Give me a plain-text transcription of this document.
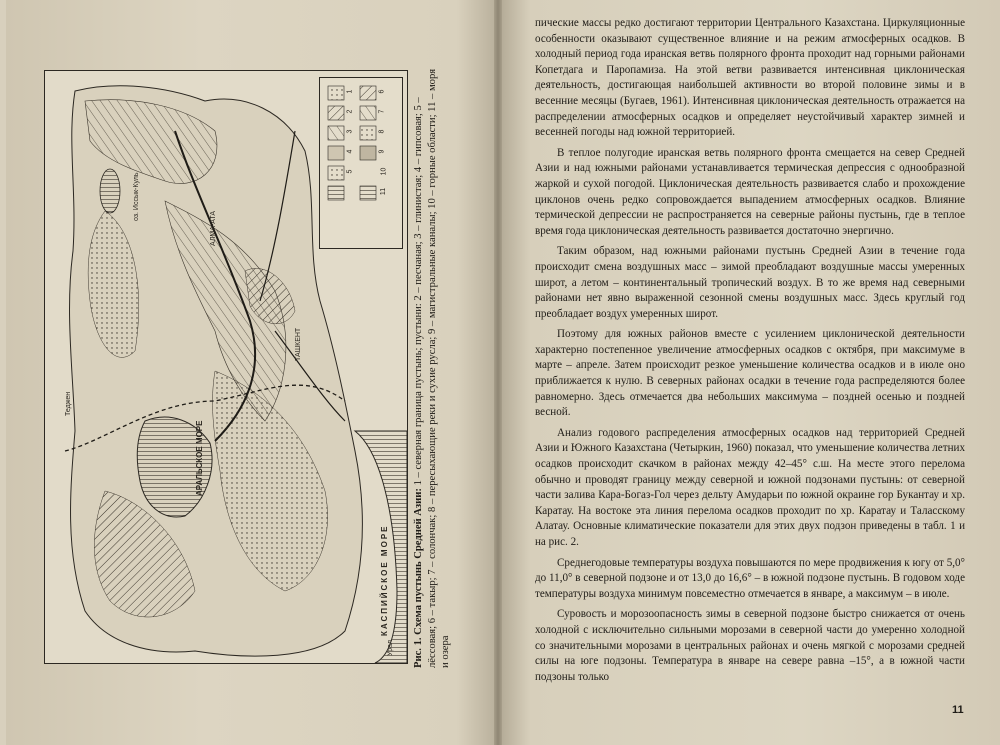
1
2
3
4
5
6
7
8
9
10
11
АРАЛЬСКОЕ МОРЕ
КАСПИЙСКОЕ МОРЕ
АЛМА-АТА
оз. Иссык-Куль
ТАШКЕНТ
Теджен
Урал Рис. 1. Схема пустынь Средней Азии: 1 – северная граница пустынь; пустыни: 2 – песчаная; 3 – глинистая; 4 – гипсовая; 5 – лёссовая; 6 – такыр; 7 – солончак; 8 – пересыхающие реки и сухие русла; 9 – магистральные каналы; 10 – горные области; 11 – моря и озера

пические массы редко достигают территории Центрального Казахстана. Циркуляционные особенности оказывают существенное влияние и на режим атмосферных осадков. В холодный период года иранская ветвь полярного фронта проходит над горными районами Копетдага и Паропамиза. На этой ветви развивается интенсивная циклоническая деятельность, достигающая наибольшей активности во второй половине зимы и в весенние месяцы (Бугаев, 1961). Интенсивная циклоническая деятельность отражается на распределении атмосферных осадков и определяет неустойчивый характер зимней и весенней погоды над южной территорией.

В теплое полугодие иранская ветвь полярного фронта смещается на север Средней Азии и над южными районами устанавливается термическая депрессия с однообразной жаркой и сухой погодой. Циклоническая деятельность развивается слабо и прохождение циклонов очень редко сопровождается выпадением атмосферных осадков. Влияние термической депрессии не распространяется на северные районы пустынь, где в теплое время года циклоническая деятельность развивается достаточно энергично.

Таким образом, над южными районами пустынь Средней Азии в течение года происходит смена воздушных масс – зимой преобладают воздушные массы умеренных широт, а летом – континентальный тропический воздух. В то же время над северными районами нет явно выраженной сезонной смены воздушных масс. Здесь круглый год преобладает воздух умеренных широт.

Поэтому для южных районов вместе с усилением циклонической деятельности характерно постепенное увеличение атмосферных осадков с октября, при максимуме в марте – апреле. Затем происходит резкое уменьшение количества осадков и в июле оно приближается к нулю. В северных районах осадки в течение года распределяются более равномерно. Здесь отмечается два небольших максимума – поздней осенью и поздней весной.

Анализ годового распределения атмосферных осадков над территорией Средней Азии и Южного Казахстана (Четыркин, 1960) показал, что уменьшение количества летних осадков происходит скачком в районах между 42–45° с.ш. На месте этого перелома обычно и проводят границу между северной и южной подзонами пустынь: от северной части залива Кара-Богаз-Гол через дельту Амударьи по южной окраине гор Букантау и хр. Каратау. На востоке эта линия перелома осадков проходит по хр. Каратау и Таласскому Алатау. Основные климатические показатели для этих двух подзон приведены в табл. 1 и на рис. 2.

Среднегодовые температуры воздуха повышаются по мере продвижения к югу от 5,0° до 11,0° в северной подзоне и от 13,0 до 16,6° – в южной подзоне пустынь. В годовом ходе температуры воздуха минимум повсеместно отмечается в январе, а максимум – в июле.

Суровость и морозоопасность зимы в северной подзоне быстро снижается от очень холодной с исключительно сильными морозами в северной части до умеренно холодной со значительными морозами в центральных районах и очень мягкой с морозами средней силы на юге подзоны. Температура в январе на севере равна –15°, а в южной части подзоны только

11
